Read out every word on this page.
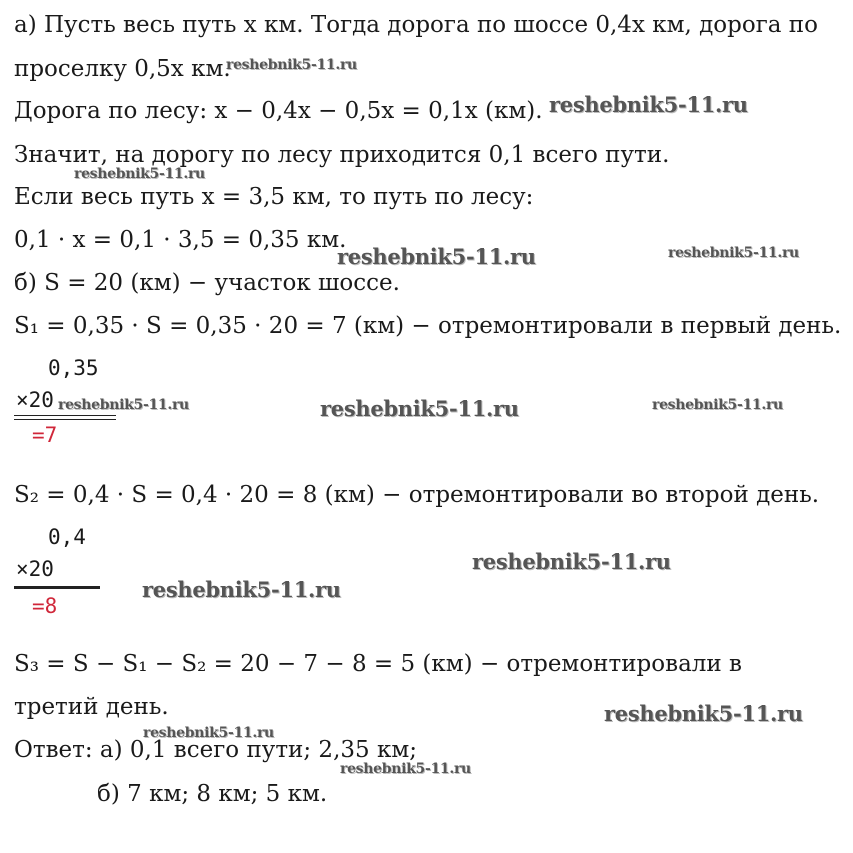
а) Пусть весь путь x км. Тогда дорога по шоссе 0,4x км, дорога по
проселку 0,5x км.
Дорога по лесу: x − 0,4x − 0,5x = 0,1x (км).
Значит, на дорогу по лесу приходится 0,1 всего пути.
Если весь путь x = 3,5 км, то путь по лесу:
0,1 · x = 0,1 · 3,5 = 0,35 км.
б) S = 20 (км) − участок шоссе.
S₁ = 0,35 · S = 0,35 · 20 = 7 (км) − отремонтировали в первый день.
0,35
×20
=7
S₂ = 0,4 · S = 0,4 · 20 = 8 (км) − отремонтировали во второй день.
0,4
×20
=8
S₃ = S − S₁ − S₂ = 20 − 7 − 8 = 5 (км) − отремонтировали в
третий день.
Ответ: а) 0,1 всего пути; 2,35 км;
б) 7 км; 8 км; 5 км.
reshebnik5-11.ru
reshebnik5-11.ru
reshebnik5-11.ru
reshebnik5-11.ru	reshebnik5-11.ru
reshebnik5-11.ru	reshebnik5-11.ru	reshebnik5-11.ru
reshebnik5-11.ru
reshebnik5-11.ru
reshebnik5-11.ru
reshebnik5-11.ru
reshebnik5-11.ru
